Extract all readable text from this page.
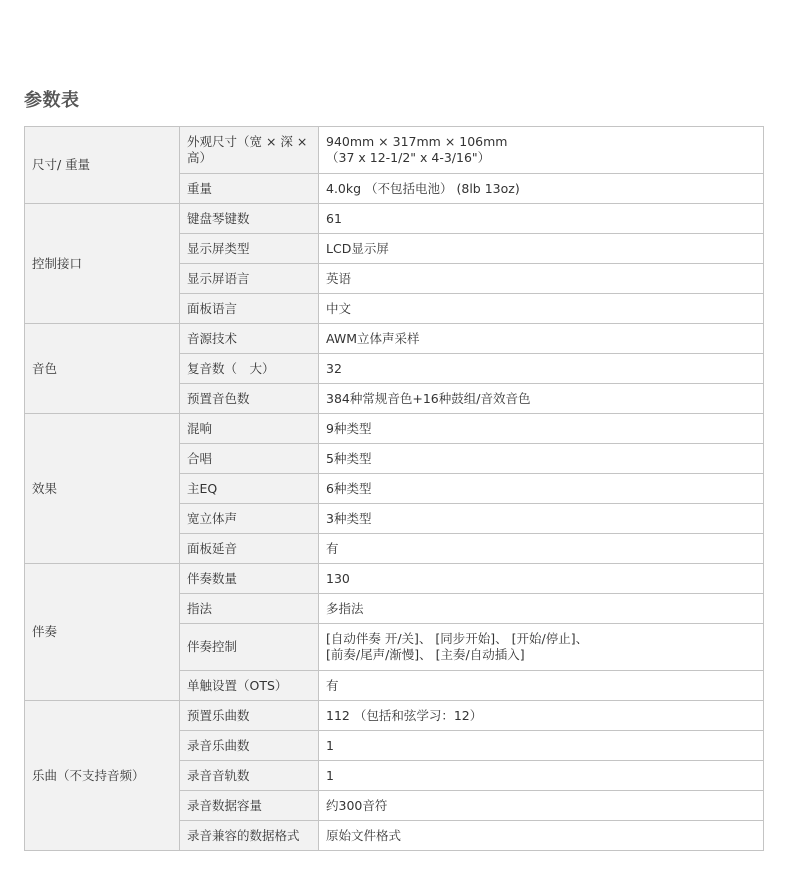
参数表
尺寸/ 重量	外观尺寸（宽 × 深 × 高）	940mm × 317mm × 106mm
（37 x 12-1/2" x 4-3/16"）

	重量	4.0kg （不包括电池） (8lb 13oz)

控制接口	键盘琴键数	61

	显示屏类型	LCD显示屏

	显示屏语言	英语

	面板语言	中文

音色	音源技术	AWM立体声采样

	复音数（　大）	32

	预置音色数	384种常规音色+16种鼓组/音效音色

效果	混响	9种类型

	合唱	5种类型

	主EQ	6种类型

	宽立体声	3种类型

	面板延音	有

伴奏	伴奏数量	130

	指法	多指法

	伴奏控制	[自动伴奏 开/关]、 [同步开始]、 [开始/停止]、
[前奏/尾声/渐慢]、 [主奏/自动插入]

	单触设置（OTS）	有

乐曲（不支持音频）	预置乐曲数	112 （包括和弦学习：12）

	录音乐曲数	1

	录音音轨数	1

	录音数据容量	约300音符

	录音兼容的数据格式	原始文件格式
